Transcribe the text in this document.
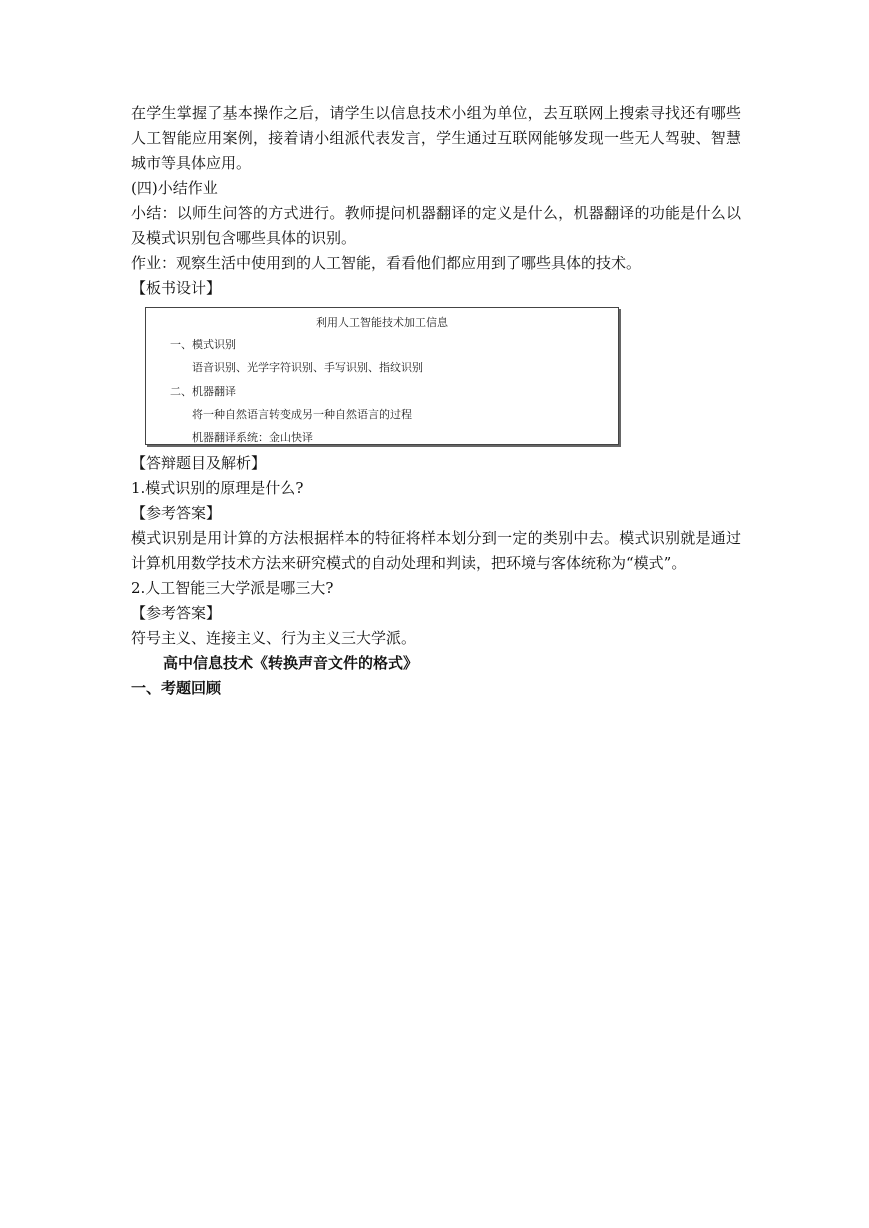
在学生掌握了基本操作之后，请学生以信息技术小组为单位，去互联网上搜索寻找还有哪些人工智能应用案例，接着请小组派代表发言，学生通过互联网能够发现一些无人驾驶、智慧城市等具体应用。

(四)小结作业

小结：以师生问答的方式进行。教师提问机器翻译的定义是什么，机器翻译的功能是什么以及模式识别包含哪些具体的识别。

作业：观察生活中使用到的人工智能，看看他们都应用到了哪些具体的技术。

【板书设计】

利用人工智能技术加工信息
一、模式识别
语音识别、光学字符识别、手写识别、指纹识别
二、机器翻译
将一种自然语言转变成另一种自然语言的过程
机器翻译系统：金山快译

【答辩题目及解析】

1.模式识别的原理是什么?

【参考答案】

模式识别是用计算的方法根据样本的特征将样本划分到一定的类别中去。模式识别就是通过计算机用数学技术方法来研究模式的自动处理和判读，把环境与客体统称为“模式”。

2.人工智能三大学派是哪三大?

【参考答案】

符号主义、连接主义、行为主义三大学派。

高中信息技术《转换声音文件的格式》

一、考题回顾
